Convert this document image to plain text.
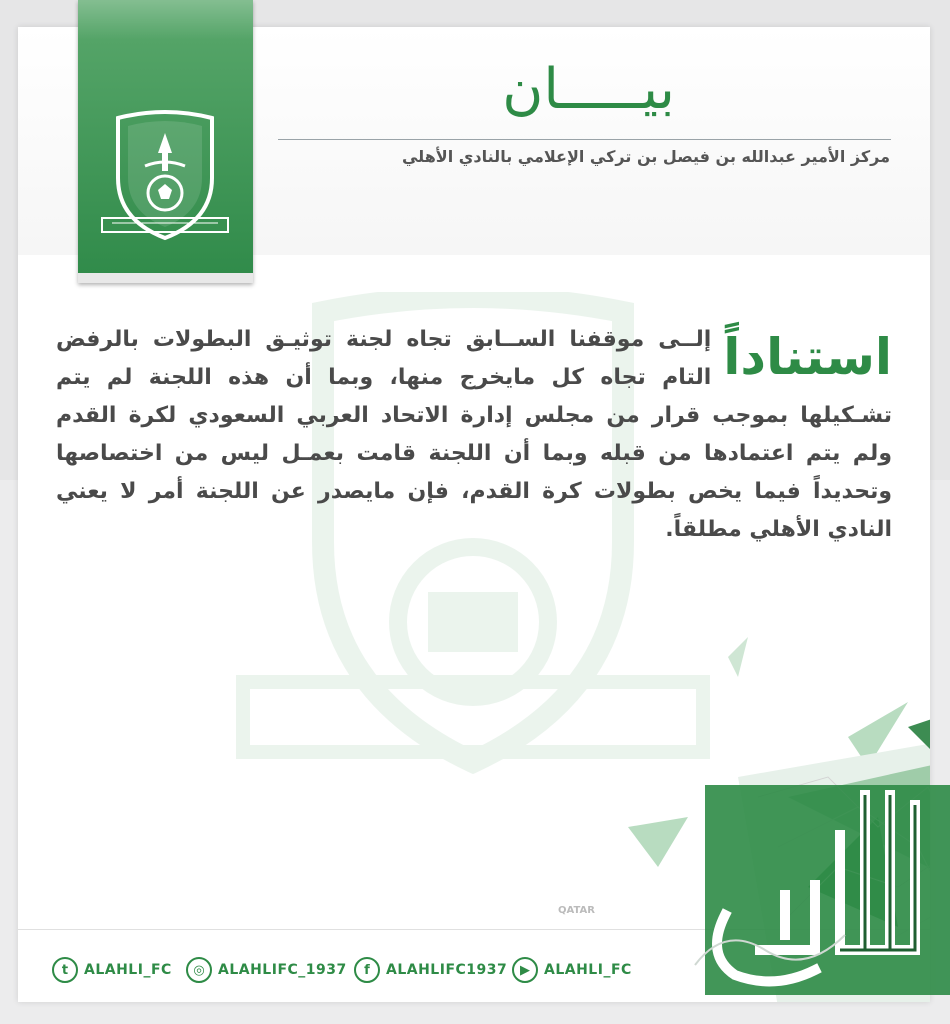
بيـــــان
مركز الأمير عبدالله بن فيصل بن تركي الإعلامي بالنادي الأهلي
استناداً
إلــى موقفنا الســابق تجاه لجنة توثيـق البطولات بالرفض التام تجاه كل مايخرج منها، وبما أن هذه اللجنة لم يتم تشـكيلها بموجب قرار من مجلس إدارة الاتحاد العربي السعودي لكرة القدم ولم يتم اعتمادها من قبله وبما أن اللجنة قامت بعمـل ليس من اختصاصها وتحديداً فيما يخص بطولات كرة القدم، فإن مايصدر عن اللجنة أمر لا يعني النادي الأهلي مطلقاً.
QATAR
t	ALAHLI_FC	◎ ALAHLIFC_1937	f	ALAHLIFC1937 ▶	ALAHLI_FC
